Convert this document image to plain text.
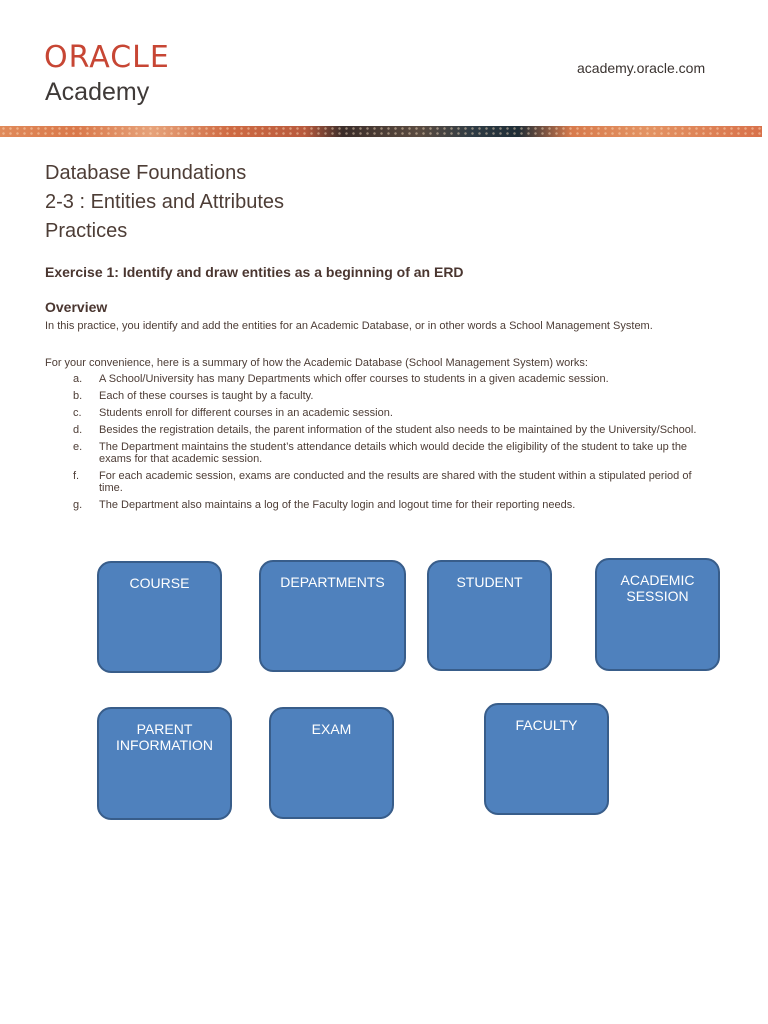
ORACLE
Academy
academy.oracle.com
Database Foundations
2-3 : Entities and Attributes
Practices
Exercise 1: Identify and draw entities as a beginning of an ERD
Overview
In this practice, you identify and add the entities for an Academic Database, or in other words a School Management System.
For your convenience, here is a summary of how the Academic Database (School Management System) works:
a. A School/University has many Departments which offer courses to students in a given academic session.
b. Each of these courses is taught by a faculty.
c. Students enroll for different courses in an academic session.
d. Besides the registration details, the parent information of the student also needs to be maintained by the University/School.
e. The Department maintains the student’s attendance details which would decide the eligibility of the student to take up the exams for that academic session.
f. For each academic session, exams are conducted and the results are shared with the student within a stipulated period of time.
g. The Department also maintains a log of the Faculty login and logout time for their reporting needs.
COURSE	DEPARTMENTS	STUDENT	ACADEMIC
SESSION
PARENT
INFORMATION
EXAM	FACULTY
